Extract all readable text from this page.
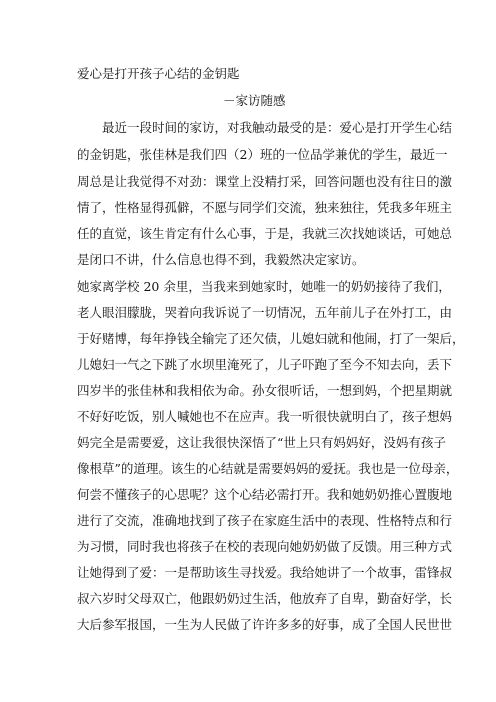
爱心是打开孩子心结的金钥匙
－家访随感
最近一段时间的家访，对我触动最受的是：爱心是打开学生心结
的金钥匙，张佳林是我们四（2）班的一位品学兼优的学生，最近一
周总是让我觉得不对劲：课堂上没精打采，回答问题也没有往日的激
情了，性格显得孤僻，不愿与同学们交流，独来独往，凭我多年班主
任的直觉，该生肯定有什么心事，于是，我就三次找她谈话，可她总
是闭口不讲，什么信息也得不到，我毅然决定家访。
她家离学校 20 余里，当我来到她家时，她唯一的奶奶接待了我们，
老人眼泪朦胧，哭着向我诉说了一切情况，五年前儿子在外打工，由
于好赌博，每年挣钱全输完了还欠债，儿媳妇就和他闹，打了一架后，
儿媳妇一气之下跳了水坝里淹死了，儿子吓跑了至今不知去向，丢下
四岁半的张佳林和我相依为命。孙女很听话，一想到妈，个把星期就
不好好吃饭，别人喊她也不在应声。我一听很快就明白了，孩子想妈
妈完全是需要爱，这让我很快深悟了“世上只有妈妈好，没妈有孩子
像根草”的道理。该生的心结就是需要妈妈的爱抚。我也是一位母亲，
何尝不懂孩子的心思呢？这个心结必需打开。我和她奶奶推心置腹地
进行了交流，准确地找到了孩子在家庭生活中的表现、性格特点和行
为习惯，同时我也将孩子在校的表现向她奶奶做了反馈。用三种方式
让她得到了爱：一是帮助该生寻找爱。我给她讲了一个故事，雷锋叔
叔六岁时父母双亡，他跟奶奶过生活，他放弃了自卑，勤奋好学，长
大后参军报国，一生为人民做了许许多多的好事，成了全国人民世世
